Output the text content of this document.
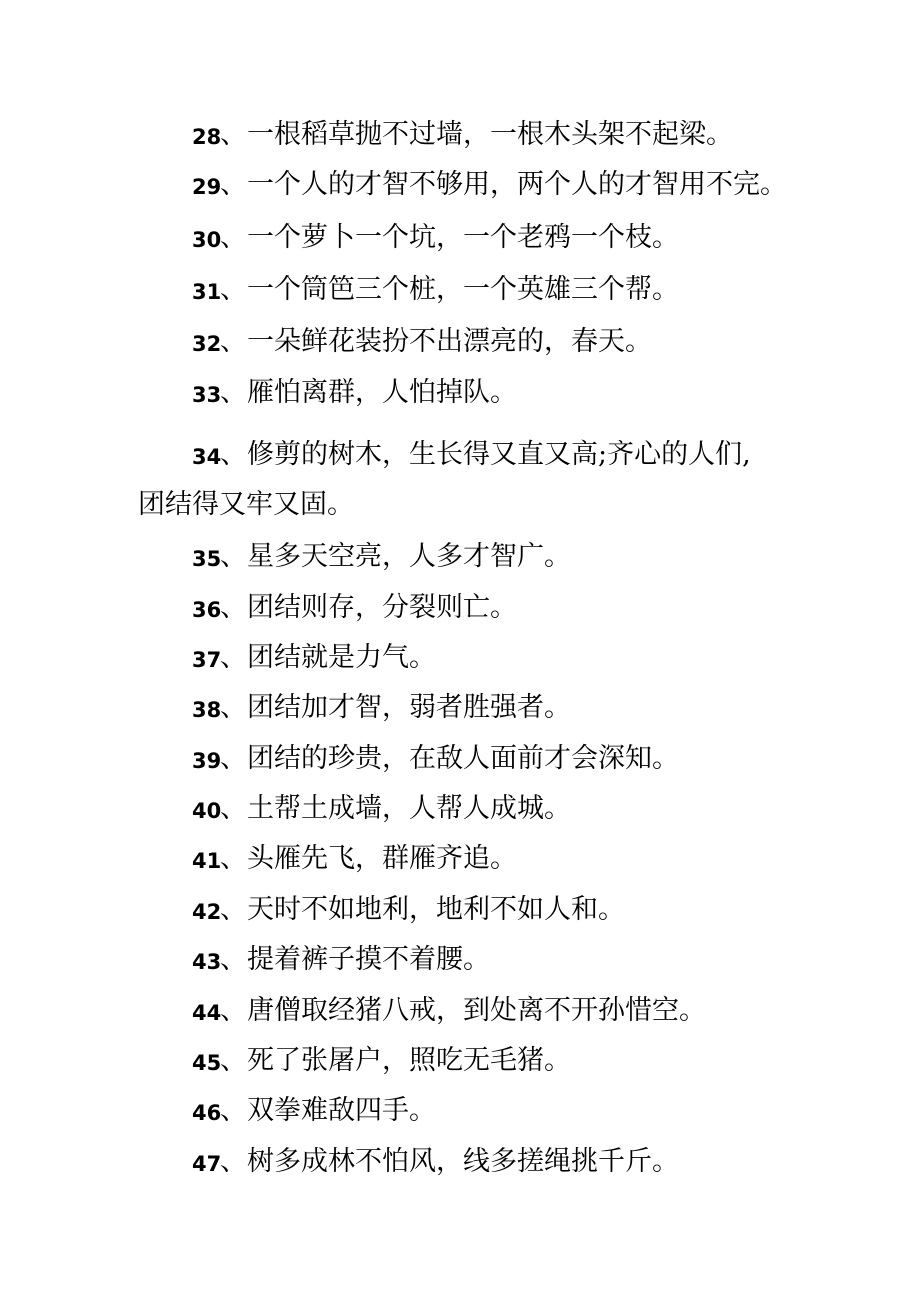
28
、一根稻草抛不过墙，一根木头架不起梁。
29
、一个人的才智不够用，两个人的才智用不完。
30
、一个萝卜一个坑，一个老鸦一个枝。
31
、一个筒笆三个桩，一个英雄三个帮。
32
、一朵鲜花装扮不出漂亮的，春天。
33
、雁怕离群，人怕掉队。
34
、修剪的树木，生长得又直又高;齐心的人们,
团结得又牢又固。
35
、星多天空亮，人多才智广。
36
、团结则存，分裂则亡。
37
、团结就是力气。
38
、团结加才智，弱者胜强者。
39
、团结的珍贵，在敌人面前才会深知。
40
、土帮土成墙，人帮人成城。
41
、头雁先飞，群雁齐追。
42
、天时不如地利，地利不如人和。
43
、提着裤子摸不着腰。
44
、唐僧取经猪八戒，到处离不开孙惜空。
45
、死了张屠户，照吃无毛猪。
46
、双拳难敌四手。
47
、树多成林不怕风，线多搓绳挑千斤。
